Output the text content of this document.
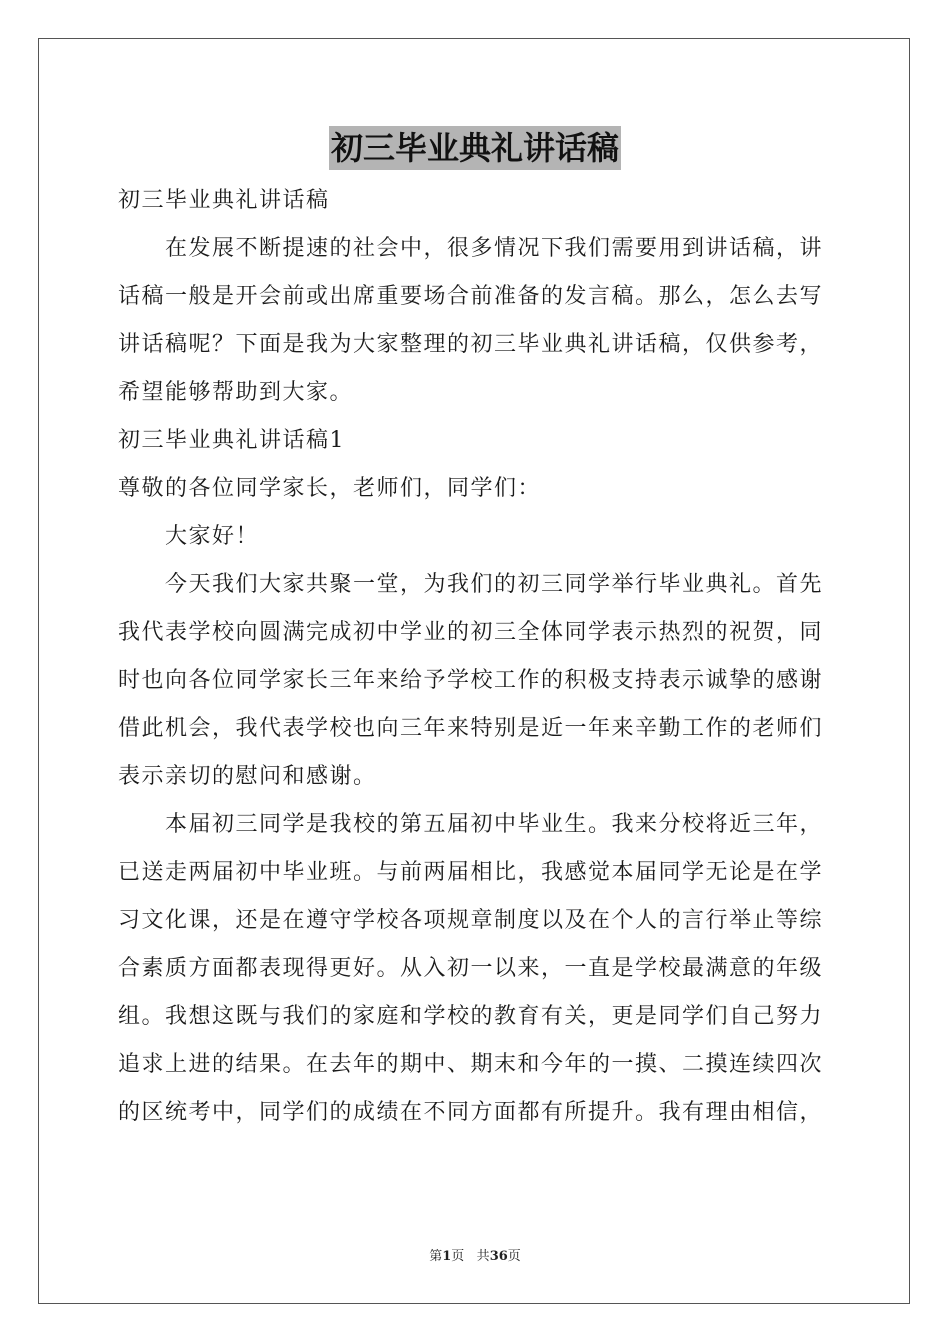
初三毕业典礼讲话稿
初三毕业典礼讲话稿
　　在发展不断提速的社会中，很多情况下我们需要用到讲话稿，讲
话稿一般是开会前或出席重要场合前准备的发言稿。那么，怎么去写
讲话稿呢？下面是我为大家整理的初三毕业典礼讲话稿，仅供参考，
希望能够帮助到大家。
初三毕业典礼讲话稿1
尊敬的各位同学家长，老师们，同学们：
　　大家好！
　　今天我们大家共聚一堂，为我们的初三同学举行毕业典礼。首先
我代表学校向圆满完成初中学业的初三全体同学表示热烈的祝贺，同
时也向各位同学家长三年来给予学校工作的积极支持表示诚挚的感谢
借此机会，我代表学校也向三年来特别是近一年来辛勤工作的老师们
表示亲切的慰问和感谢。
　　本届初三同学是我校的第五届初中毕业生。我来分校将近三年，
已送走两届初中毕业班。与前两届相比，我感觉本届同学无论是在学
习文化课，还是在遵守学校各项规章制度以及在个人的言行举止等综
合素质方面都表现得更好。从入初一以来，一直是学校最满意的年级
组。我想这既与我们的家庭和学校的教育有关，更是同学们自己努力
追求上进的结果。在去年的期中、期末和今年的一摸、二摸连续四次
的区统考中，同学们的成绩在不同方面都有所提升。我有理由相信，
第1页 共36页
